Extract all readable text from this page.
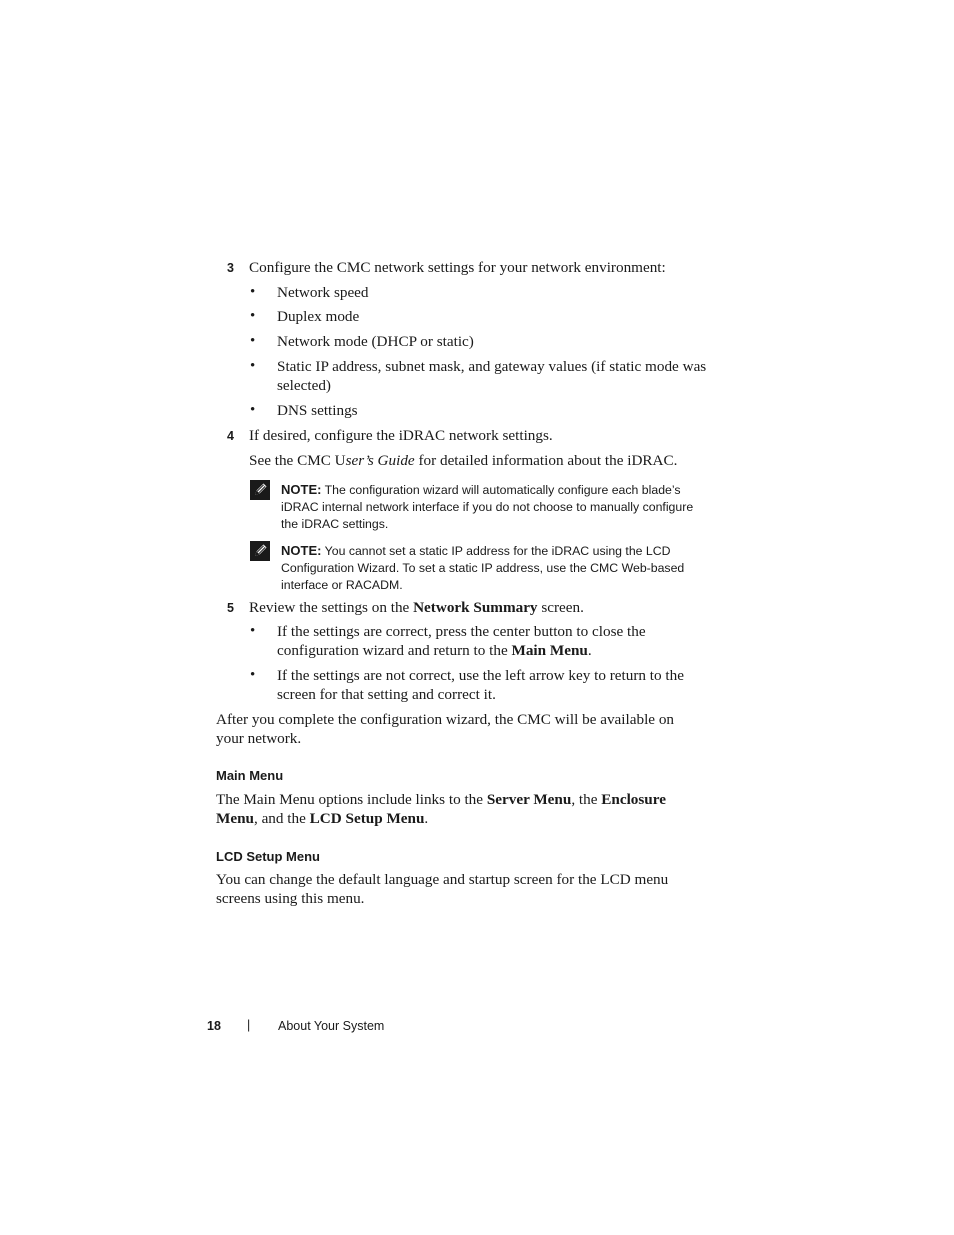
3 Configure the CMC network settings for your network environment:
• Network speed
• Duplex mode
• Network mode (DHCP or static)
• Static IP address, subnet mask, and gateway values (if static mode was
selected)
• DNS settings
4 If desired, configure the iDRAC network settings.
See the CMC User’s Guide for detailed information about the iDRAC.
NOTE: The configuration wizard will automatically configure each blade’s
iDRAC internal network interface if you do not choose to manually configure
the iDRAC settings.
NOTE: You cannot set a static IP address for the iDRAC using the LCD
Configuration Wizard. To set a static IP address, use the CMC Web-based
interface or RACADM.
5 Review the settings on the Network Summary screen.
• If the settings are correct, press the center button to close the
configuration wizard and return to the Main Menu.
• If the settings are not correct, use the left arrow key to return to the
screen for that setting and correct it.
After you complete the configuration wizard, the CMC will be available on
your network.
Main Menu
The Main Menu options include links to the Server Menu, the Enclosure
Menu, and the LCD Setup Menu.
LCD Setup Menu
You can change the default language and startup screen for the LCD menu
screens using this menu.
18 | About Your System
